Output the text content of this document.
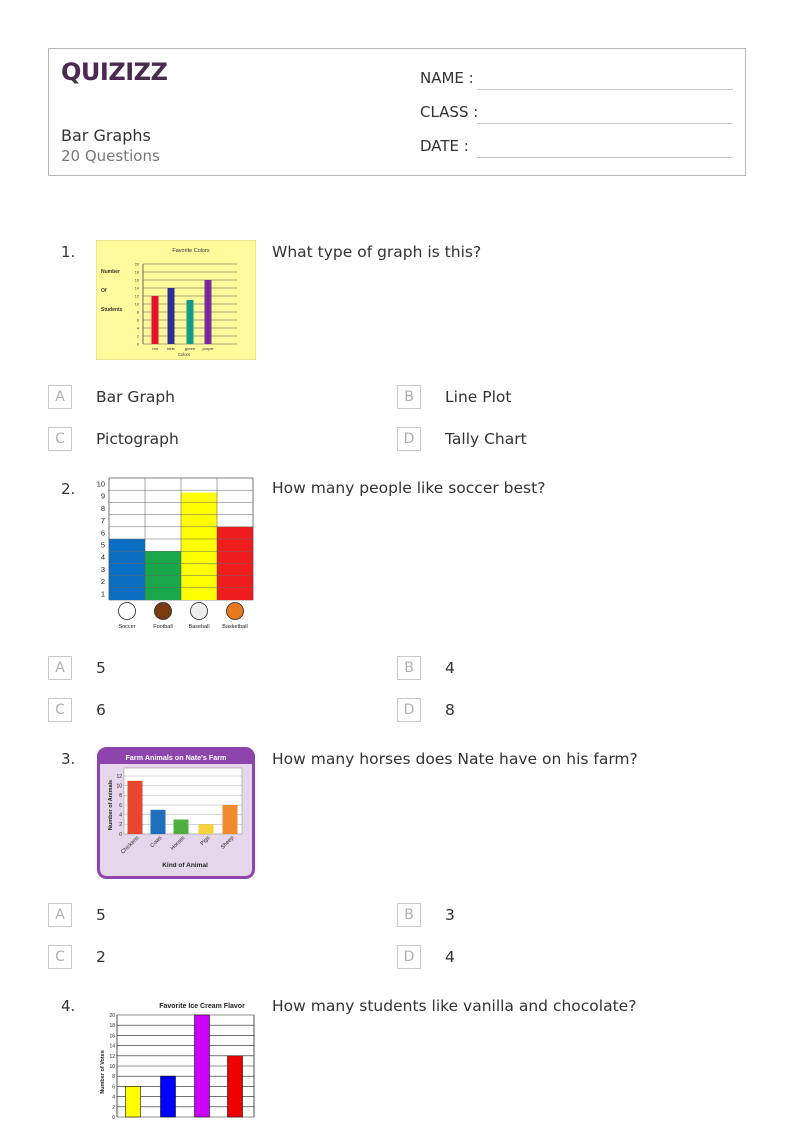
QUIZIZZ
Bar Graphs
20 Questions
NAME :
CLASS :
DATE :
1.	Favorite Colors
Number
Of
Students
0
2
4
6
8
10
12
14
16
18
20
red blue	green purple
Colors
What type of graph is this?
A	Bar Graph	B	Line Plot
C	Pictograph	D	Tally Chart
2.
1
2
3
4
5
6
7
8
9
10
Soccer	Football	Baseball Basketball
How many people like soccer best?
A	5	B	4
C	6	D	8
3.	Farm Animals on Nate's Farm
0
2
4
6
8
10
12
Number of Animals
Chickens Cows Horses Pigs Sheep
Kind of Animal
How many horses does Nate have on his farm?
A	5	B	3
C	2	D	4
4.	Favorite Ice Cream Flavor
0
2
4
6
8
10
12
14
16
18
20
Number of Votes
How many students like vanilla and chocolate?
